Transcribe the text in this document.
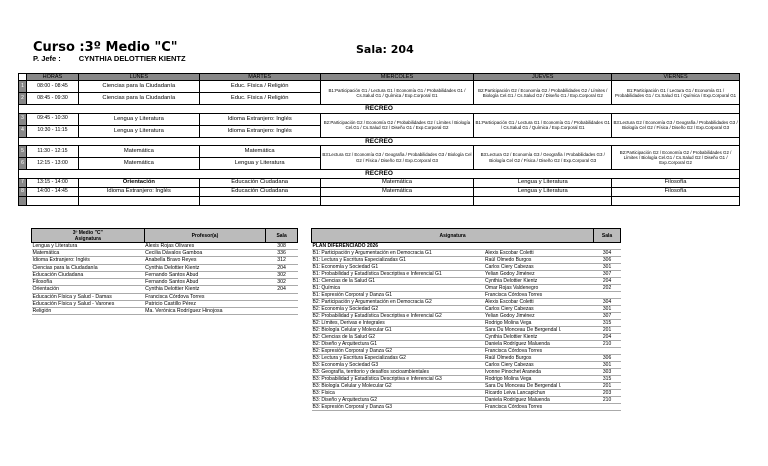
Curso :3º Medio "C"
P. Jefe : CYNTHIA DELOTTIER KIENTZ
Sala: 204
	HORAS	LUNES	MARTES	MIERCOLES	JUEVES	VIERNES
1	08:00 - 08:45	Ciencias para la Ciudadanía	Educ. Física / Religión	B1:Participación G1 / Lectura G1 / Economía G1 / Probabilidades G1 / Cs.Salud G1 / Química / Exp.Corporal G1	B2:Participación G2 / Economía G2 / Probabilidades G2 / Límites / Biología Cel.G1 / Cs.Salud G2 / Diseño G1 / Exp.Corporal G2	B1:Participación G1 / Lectura G1 / Economía G1 / Probabilidades G1 / Cs.Salud G1 / Química / Exp.Corporal G1
2	08:45 - 09:30	Ciencias para la Ciudadanía	Educ. Física / Religión			
RECREO						
3	09:45 - 10:30	Lengua y Literatura	Idioma Extranjero: Inglés	B2:Participación G2 / Economía G2 / Probabilidades G2 / Límites / Biología Cel.G1 / Cs.Salud G2 / Diseño G1 / Exp.Corporal G2	B1:Participación G1 / Lectura G1 / Economía G1 / Probabilidades G1 / Cs.Salud G1 / Química / Exp.Corporal G1	B3:Lectura G2 / Economía G3 / Geografía / Probabilidades G3 / Biología Cel G2 / Física / Diseño G2 / Exp.Corporal G3
4	10:30 - 11:15	Lengua y Literatura	Idioma Extranjero: Inglés			
RECREO						
5	11:30 - 12:15	Matemática	Matemática	B3:Lectura G2 / Economía G3 / Geografía / Probabilidades G3 / Biología Cel G2 / Física / Diseño G2 / Exp.Corporal G3	B3:Lectura G2 / Economía G3 / Geografía / Probabilidades G3 / Biología Cel G2 / Física / Diseño G2 / Exp.Corporal G3	B2:Participación G2 / Economía G2 / Probabilidades G2 / Límites / Biología Cel.G1 / Cs.Salud G2 / Diseño G1 / Exp.Corporal G2
6	12:15 - 13:00	Matemática	Lengua y Literatura			
RECREO						
7	13:15 - 14:00	Orientación	Educación Ciudadana	Matemática	Lengua y Literatura	Filosofía
8	14:00 - 14:45	Idioma Extranjero: Inglés	Educación Ciudadana	Matemática	Lengua y Literatura	Filosofía

3º Medio "C"
Asignatura	Profesor(a)	Sala
Lengua y Literatura	Alexis Rojas Olivares	308
Matemática	Cecilia Dávalos Gamboa	336
Idioma Extranjero: Inglés	Anabella Bravo Reyes	312
Ciencias para la Ciudadanía	Cynthia Delottier Kientz	204
Educación Ciudadana	Fernando Santos Abud	302
Filosofía	Fernando Santos Abud	302
Orientación	Cynthia Delottier Kientz	204
Educación Física y Salud - Damas	Francisca Córdova Torres	
Educación Física y Salud - Varones	Patricio Castillo Pérez	
Religión	Ma. Verónica Rodríguez Hinojosa	
Asignatura		Sala
PLAN DIFERENCIADO 2026		
B1: Participación y Argumentación en Democracia G1	Alexis Escobar Coletti	304
B1: Lectura y Escritura Especializadas G1	Raúl Olmedo Burgos	306
B1: Economía y Sociedad G1	Carlos Ciery Cabezas	301
B1: Probabilidad y Estadística Descriptiva e Inferencial G1	Yelian Godoy Jiménez	307
B1: Ciencias de la Salud G1	Cynthia Delottier Kientz	204
B1: Química	Omar Rojas Valdenegro	202
B1: Expresión Corporal y Danza G1	Francisca Córdova Torres	
B2: Participación y Argumentación en Democracia G2	Alexis Escobar Coletti	304
B2: Economía y Sociedad G2	Carlos Ciery Cabezas	301
B2: Probabilidad y Estadística Descriptiva e Inferencial G2	Yelian Godoy Jiménez	307
B2: Límites, Derivas e Integrales	Rodrigo Molina Vega	315
B2: Biología Celular y Molecular G1	Sara Du Monceau De Bergendal I.	201
B2: Ciencias de la Salud G2	Cynthia Delottier Kientz	204
B2: Diseño y Arquitectura G1	Daniela Rodríguez Maluenda	210
B2: Expresión Corporal y Danza G2	Francisca Córdova Torres	
B3: Lectura y Escritura Especializadas G2	Raúl Olmedo Burgos	306
B3: Economía y Sociedad G3	Carlos Ciery Cabezas	301
B3: Geografía, territorio y desafíos socioambientales	Ivonne Pinochet Araneda	303
B3: Probabilidad y Estadística Descriptiva e Inferencial G3	Rodrigo Molina Vega	315
B3: Biología Celular y Molecular G2	Sara Du Monceau De Bergendal I.	201
B3: Física	Ricardo Leiva Lancapichun	203
B3: Diseño y Arquitectura G2	Daniela Rodríguez Maluenda	210
B3: Expresión Corporal y Danza G3	Francisca Córdova Torres	
